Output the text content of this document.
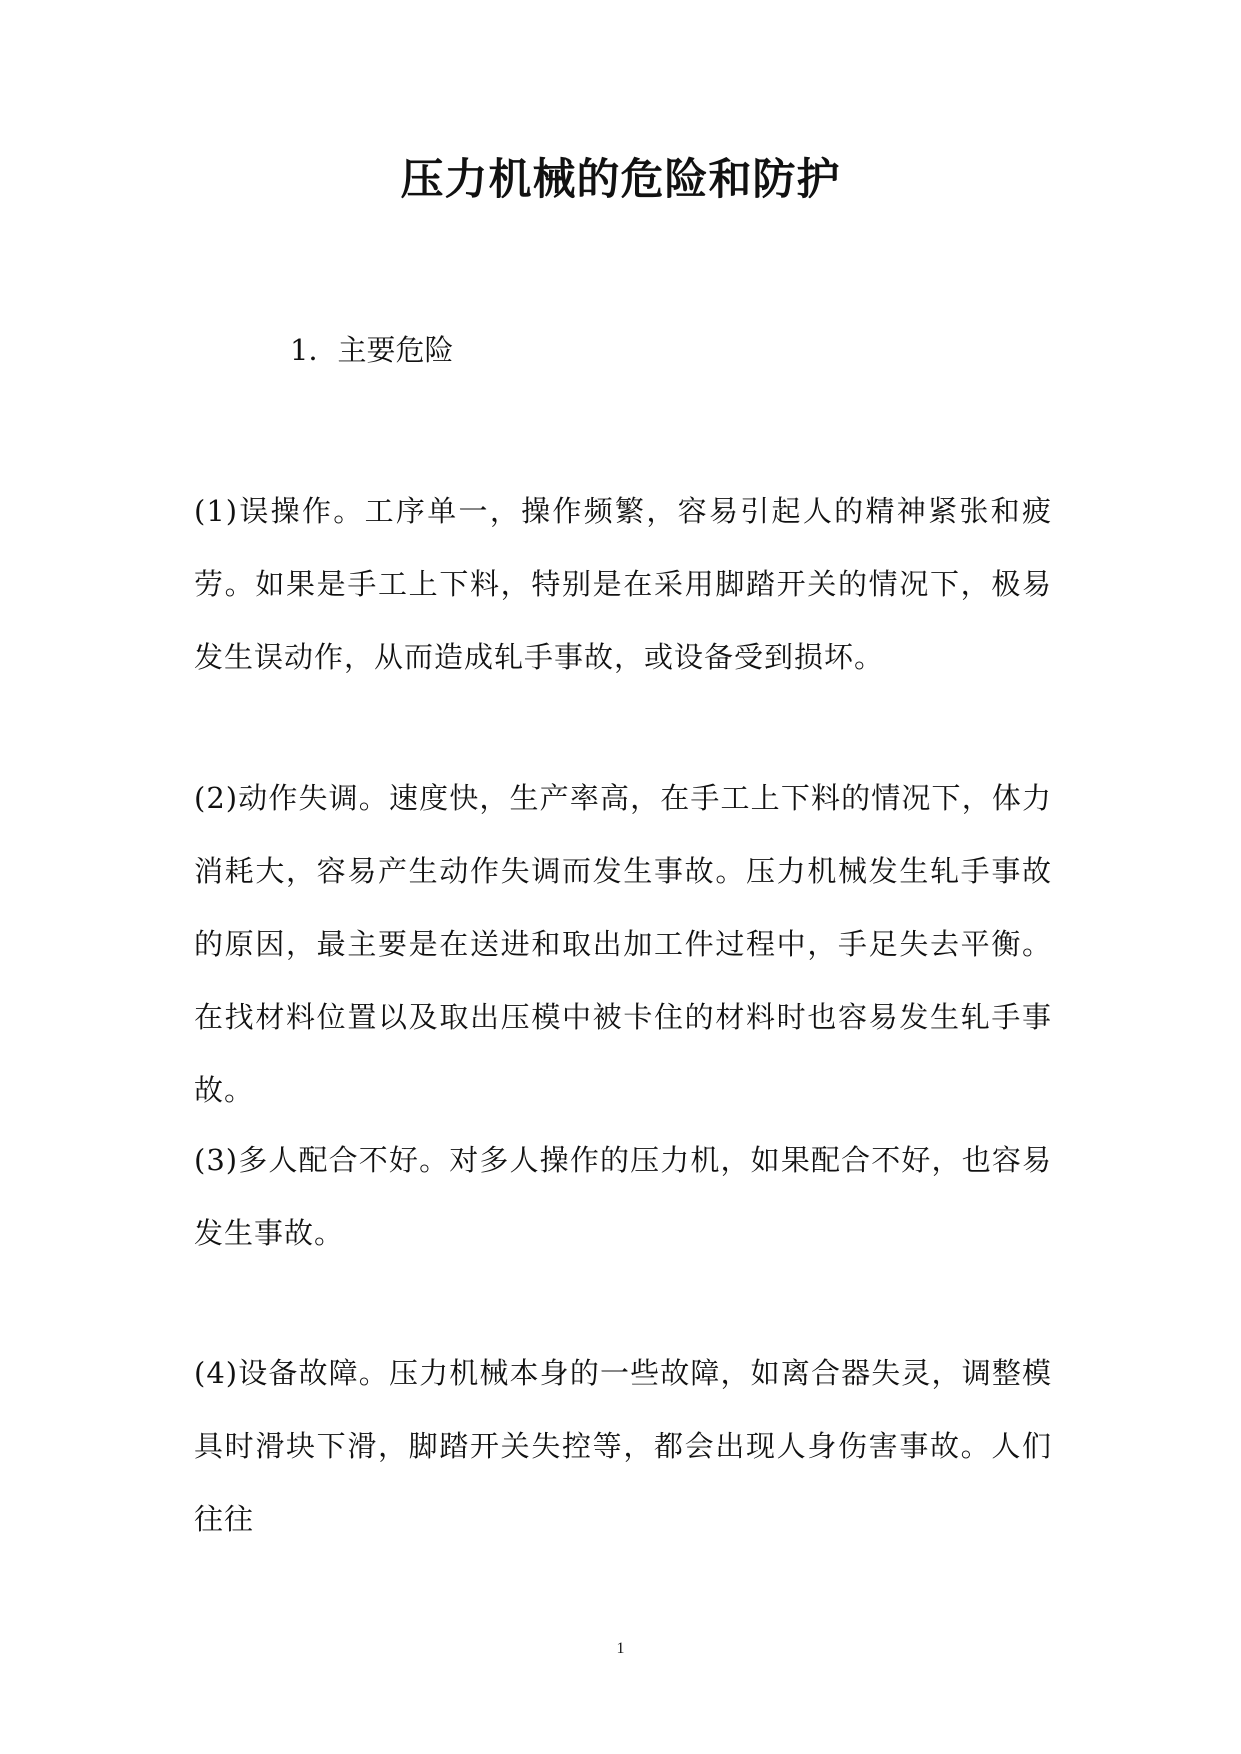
压力机械的危险和防护
1．主要危险

(1)误操作。工序单一，操作频繁，容易引起人的精神紧张和疲劳。如果是手工上下料，特别是在采用脚踏开关的情况下，极易发生误动作，从而造成轧手事故，或设备受到损坏。

(2)动作失调。速度快，生产率高，在手工上下料的情况下，体力消耗大，容易产生动作失调而发生事故。压力机械发生轧手事故的原因，最主要是在送进和取出加工件过程中，手足失去平衡。在找材料位置以及取出压模中被卡住的材料时也容易发生轧手事故。

(3)多人配合不好。对多人操作的压力机，如果配合不好，也容易发生事故。

(4)设备故障。压力机械本身的一些故障，如离合器失灵，调整模具时滑块下滑，脚踏开关失控等，都会出现人身伤害事故。人们往往

1
